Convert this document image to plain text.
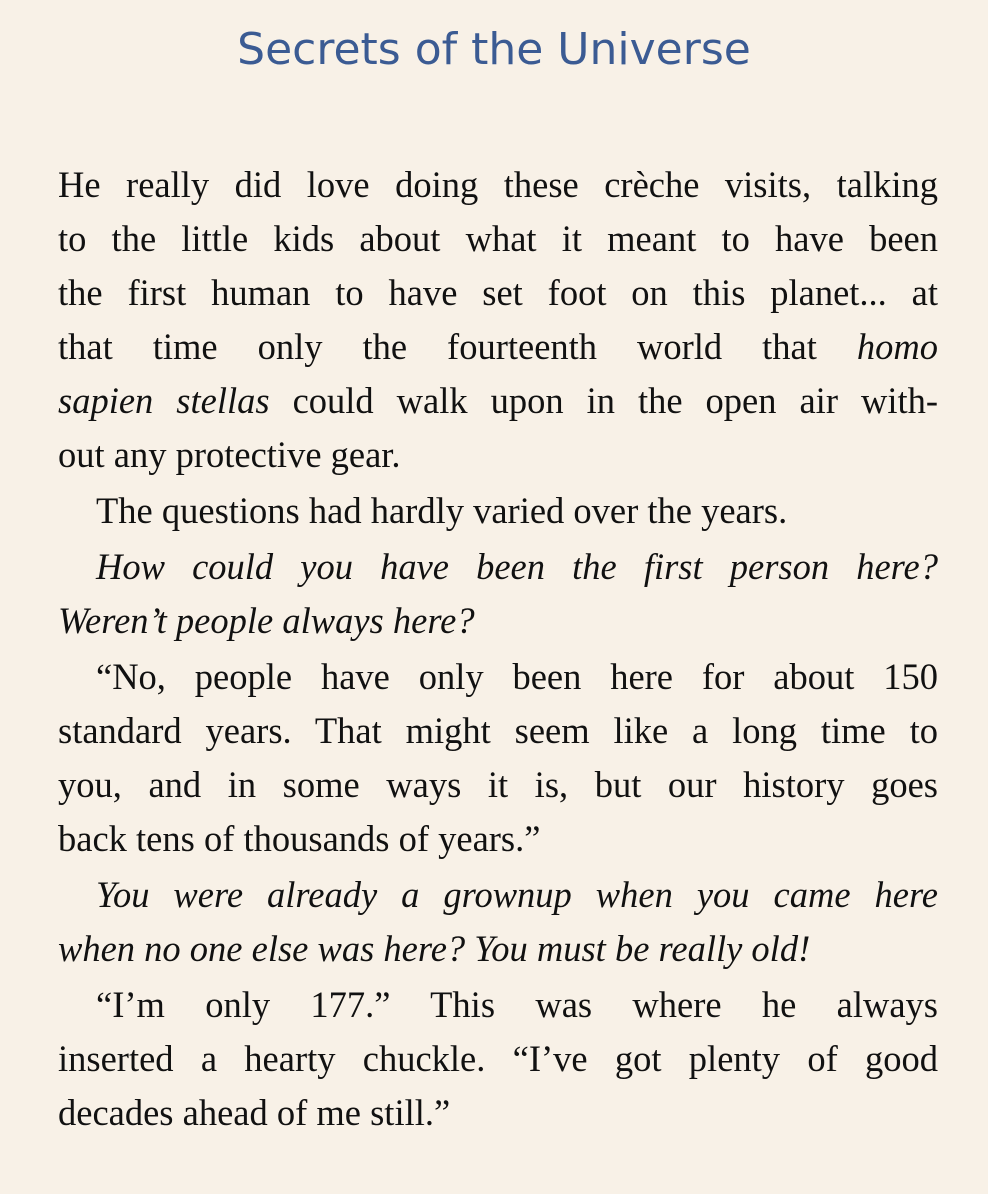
Secrets of the Universe
He really did love doing these crèche visits, talking
to the little kids about what it meant to have been
the first human to have set foot on this planet... at
that time only the fourteenth world that homo
sapien stellas could walk upon in the open air with-
out any protective gear.
The questions had hardly varied over the years.
How could you have been the first person here?
Weren’t people always here?
“No, people have only been here for about 150
standard years. That might seem like a long time to
you, and in some ways it is, but our history goes
back tens of thousands of years.”
You were already a grownup when you came here
when no one else was here? You must be really old!
“I’m only 177.” This was where he always
inserted a hearty chuckle. “I’ve got plenty of good
decades ahead of me still.”
